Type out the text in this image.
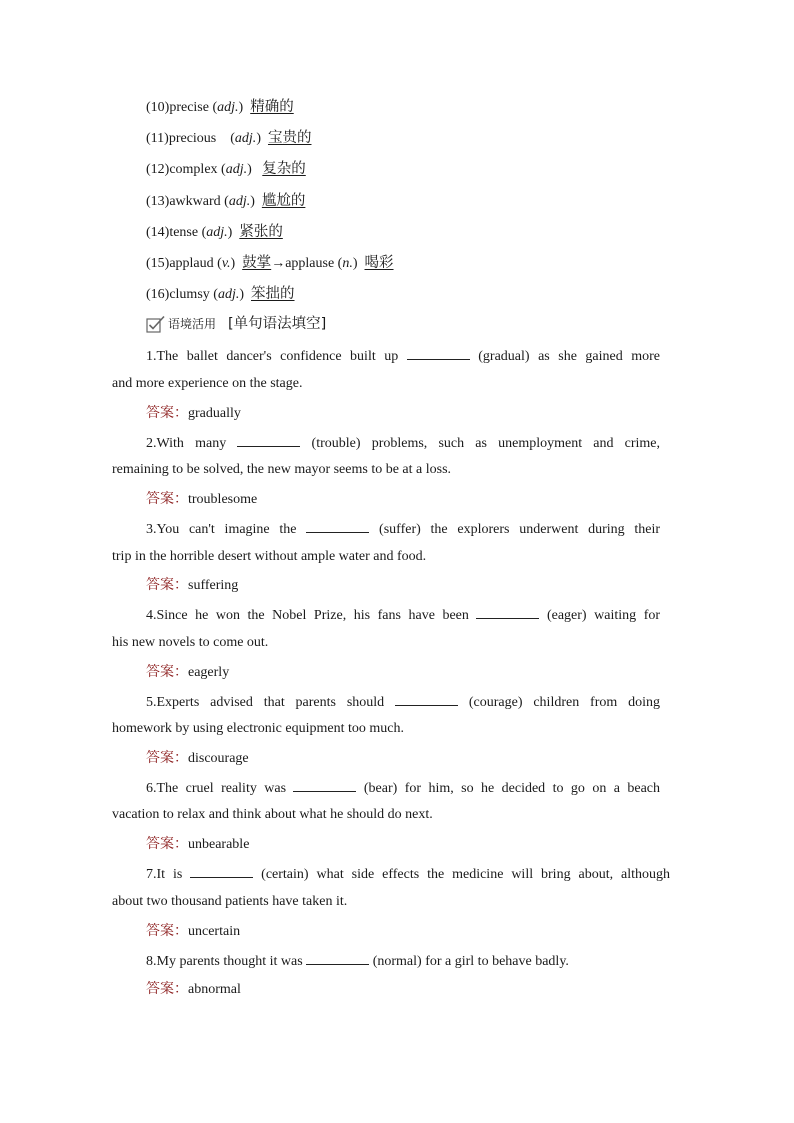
(10)precise (adj.)  精确的
(11)precious    (adj.)  宝贵的
(12)complex (adj.)   复杂的
(13)awkward (adj.)  尴尬的
(14)tense (adj.)  紧张的
(15)applaud (v.)  鼓掌→applause (n.)  喝彩
(16)clumsy (adj.)  笨拙的
语境活用 [单句语法填空]
1.The ballet dancer's confidence built up	(gradual) as she gained more
and more experience on the stage.
答案：gradually
2.With many	(trouble) problems, such as unemployment and crime,
remaining to be solved, the new mayor seems to be at a loss.
答案：troublesome
3.You can't imagine the	(suffer) the explorers underwent during their
trip in the horrible desert without ample water and food.
答案：suffering
4.Since he won the Nobel Prize, his fans have been	(eager) waiting for
his new novels to come out.
答案：eagerly
5.Experts advised that parents should	(courage) children from doing
homework by using electronic equipment too much.
答案：discourage
6.The cruel reality was	(bear) for him, so he decided to go on a beach
vacation to relax and think about what he should do next.
答案：unbearable
7.It is	(certain) what side effects the medicine will bring about, although
about two thousand patients have taken it.
答案：uncertain
8.My parents thought it was	(normal) for a girl to behave badly.
答案：abnormal
